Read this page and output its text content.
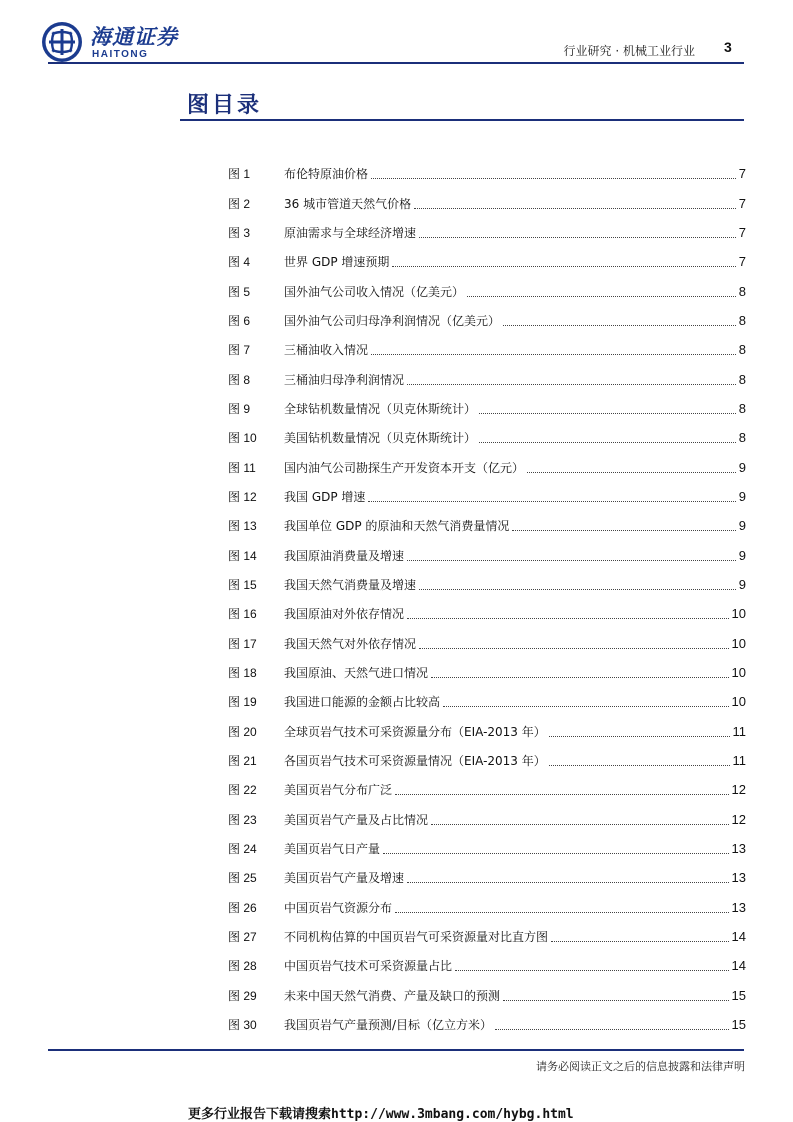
海通证券
HAITONG	行业研究 · 机械工业行业 3
图目录
图 1	布伦特原油价格	7
图 2	36 城市管道天然气价格	7
图 3	原油需求与全球经济增速	7
图 4	世界 GDP 增速预期	7
图 5	国外油气公司收入情况（亿美元）	8
图 6	国外油气公司归母净利润情况（亿美元）	8
图 7	三桶油收入情况	8
图 8	三桶油归母净利润情况	8
图 9	全球钻机数量情况（贝克休斯统计）	8
图 10	美国钻机数量情况（贝克休斯统计）	8
图 11	国内油气公司勘探生产开发资本开支（亿元）	9
图 12	我国 GDP 增速	9
图 13	我国单位 GDP 的原油和天然气消费量情况	9
图 14	我国原油消费量及增速	9
图 15	我国天然气消费量及增速	9
图 16	我国原油对外依存情况	10
图 17	我国天然气对外依存情况	10
图 18	我国原油、天然气进口情况	10
图 19	我国进口能源的金额占比较高	10
图 20	全球页岩气技术可采资源量分布（EIA-2013 年）	11
图 21	各国页岩气技术可采资源量情况（EIA-2013 年）	11
图 22	美国页岩气分布广泛	12
图 23	美国页岩气产量及占比情况	12
图 24	美国页岩气日产量	13
图 25	美国页岩气产量及增速	13
图 26	中国页岩气资源分布	13
图 27	不同机构估算的中国页岩气可采资源量对比直方图	14
图 28	中国页岩气技术可采资源量占比	14
图 29	未来中国天然气消费、产量及缺口的预测	15
图 30	我国页岩气产量预测/目标（亿立方米）	15
请务必阅读正文之后的信息披露和法律声明
更多行业报告下载请搜索http://www.3mbang.com/hybg.html
